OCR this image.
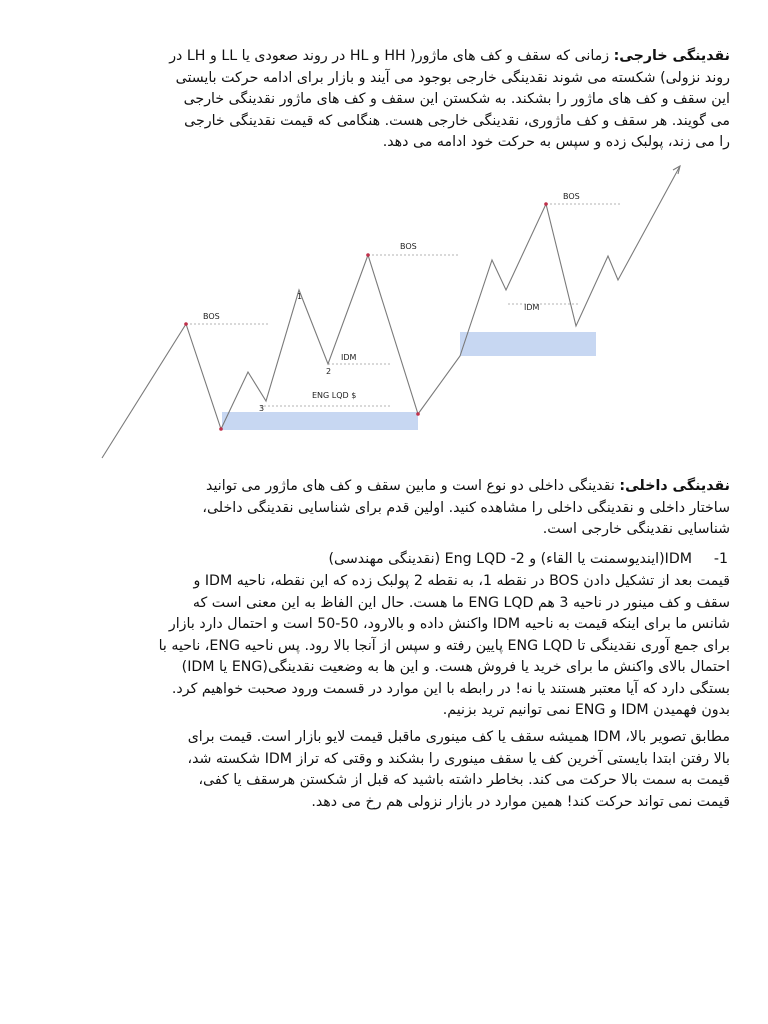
نقدینگی خارجی: زمانی که سقف و کف های ماژور( HH و HL در روند صعودی یا LL و LH در
روند نزولی) شکسته می شوند نقدینگی خارجی بوجود می آیند و بازار برای ادامه حرکت بایستی
این سقف و کف های ماژور را بشکند. به شکستن این سقف و کف های ماژور نقدینگی خارجی
می گویند. هر سقف و کف ماژوری، نقدینگی خارجی هست. هنگامی که قیمت نقدینگی خارجی
را می زند، پولبک زده و سپس به حرکت خود ادامه می دهد.
BOS
BOS
BOS
IDM
IDM
ENG LQD $
1
2
3
نقدینگی داخلی: نقدینگی داخلی دو نوع است و مابین سقف و کف های ماژور می توانید
ساختار داخلی و نقدینگی داخلی را مشاهده کنید. اولین قدم برای شناسایی نقدینگی داخلی،
شناسایی نقدینگی خارجی است.
IDM(ایندیوسمنت یا القاء) و Eng LQD -2 (نقدینگی مهندسی) -1
قیمت بعد از تشکیل دادن BOS در نقطه 1، به نقطه 2 پولبک زده که این نقطه، ناحیه IDM و
سقف و کف مینور در ناحیه 3 هم ENG LQD ما هست. حال این الفاظ به این معنی است که
شانس ما برای اینکه قیمت به ناحیه IDM واکنش داده و بالارود، 50-50 است و احتمال دارد بازار
برای جمع آوری نقدینگی تا ENG LQD پایین رفته و سپس از آنجا بالا رود. پس ناحیه ENG، ناحیه با
احتمال بالای واکنش ما برای خرید یا فروش هست. و این ها به وضعیت نقدینگی(ENG یا IDM)
بستگی دارد که آیا معتبر هستند یا نه! در رابطه با این موارد در قسمت ورود صحبت خواهیم کرد.
بدون فهمیدن IDM و ENG نمی توانیم ترید بزنیم.
مطابق تصویر بالا، IDM همیشه سقف یا کف مینوری ماقبل قیمت لایو بازار است. قیمت برای
بالا رفتن ابتدا بایستی آخرین کف یا سقف مینوری را بشکند و وقتی که تراز IDM شکسته شد،
قیمت به سمت بالا حرکت می کند. بخاطر داشته باشید که قبل از شکستن هرسقف یا کفی،
قیمت نمی تواند حرکت کند! همین موارد در بازار نزولی هم رخ می دهد.
